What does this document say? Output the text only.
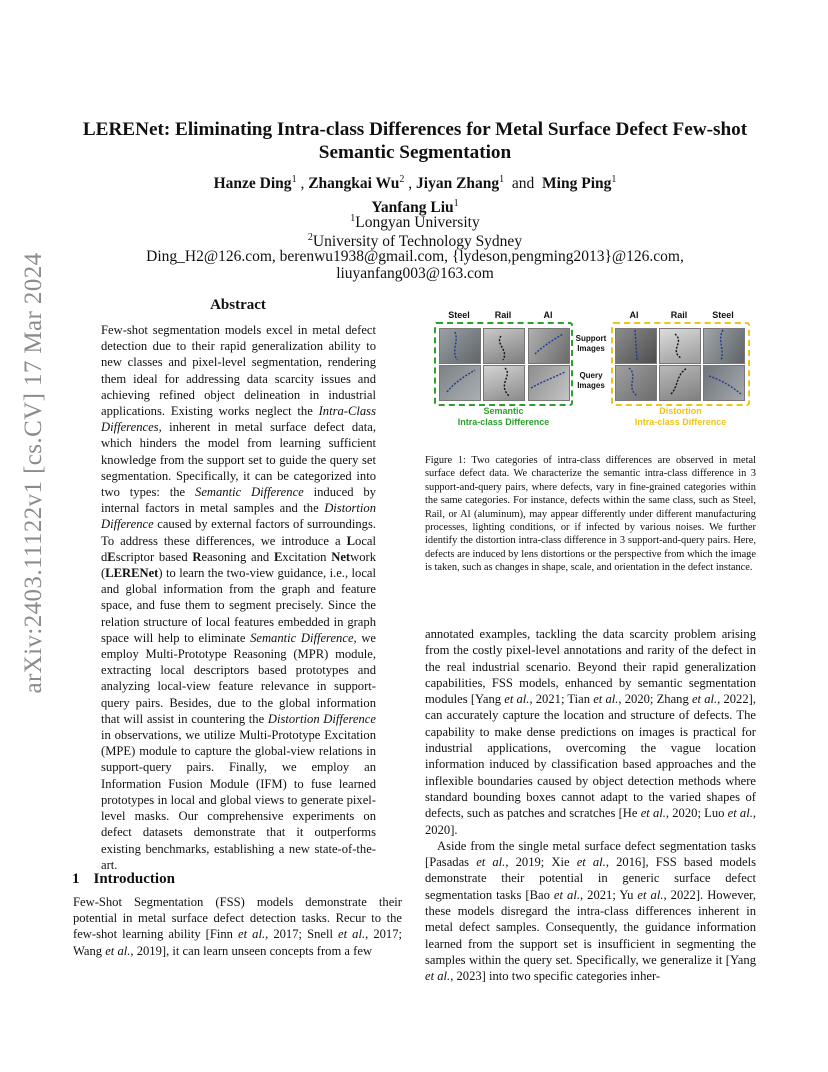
arXiv:2403.11122v1 [cs.CV] 17 Mar 2024
LERENet: Eliminating Intra-class Differences for Metal Surface Defect Few-shot Semantic Segmentation
Hanze Ding$^1$ , Zhangkai Wu$^2$ , Jiyan Zhang$^1$ and Ming Ping$^1$
Yanfang Liu$^1$
$^1$Longyan University
$^2$University of Technology Sydney
Ding_H2@126.com, berenwu1938@gmail.com, {lydeson,pengming2013}@126.com,
liuyanfang003@163.com
Abstract
Few-shot segmentation models excel in metal defect detection due to their rapid generalization ability to new classes and pixel-level segmentation, rendering them ideal for addressing data scarcity issues and achieving refined object delineation in industrial applications. Existing works neglect the Intra-Class Differences, inherent in metal surface defect data, which hinders the model from learning sufficient knowledge from the support set to guide the query set segmentation. Specifically, it can be categorized into two types: the Semantic Difference induced by internal factors in metal samples and the Distortion Difference caused by external factors of surroundings. To address these differences, we introduce a Local dEscriptor based Reasoning and Excitation Network (LERENet) to learn the two-view guidance, i.e., local and global information from the graph and feature space, and fuse them to segment precisely. Since the relation structure of local features embedded in graph space will help to eliminate Semantic Difference, we employ Multi-Prototype Reasoning (MPR) module, extracting local descriptors based prototypes and analyzing local-view feature relevance in support-query pairs. Besides, due to the global information that will assist in countering the Distortion Difference in observations, we utilize Multi-Prototype Excitation (MPE) module to capture the global-view relations in support-query pairs. Finally, we employ an Information Fusion Module (IFM) to fuse learned prototypes in local and global views to generate pixel-level masks. Our comprehensive experiments on defect datasets demonstrate that it outperforms existing benchmarks, establishing a new state-of-the-art.
1 Introduction
Few-Shot Segmentation (FSS) models demonstrate their potential in metal surface defect detection tasks. Recur to the few-shot learning ability [Finn et al., 2017; Snell et al., 2017; Wang et al., 2019], it can learn unseen concepts from a few
Steel	Rail	Al	Al	Rail	Steel
Support Images
Query Images
Semantic
Intra-class Difference
Distortion
Intra-class Difference
Figure 1: Two categories of intra-class differences are observed in metal surface defect data. We characterize the semantic intra-class difference in 3 support-and-query pairs, where defects, vary in fine-grained categories within the same categories. For instance, defects within the same class, such as Steel, Rail, or Al (aluminum), may appear differently under different manufacturing processes, lighting conditions, or if infected by various noises. We further identify the distortion intra-class difference in 3 support-and-query pairs. Here, defects are induced by lens distortions or the perspective from which the image is taken, such as changes in shape, scale, and orientation in the defect instance.

annotated examples, tackling the data scarcity problem arising from the costly pixel-level annotations and rarity of the defect in the real industrial scenario. Beyond their rapid generalization capabilities, FSS models, enhanced by semantic segmentation modules [Yang et al., 2021; Tian et al., 2020; Zhang et al., 2022], can accurately capture the location and structure of defects. The capability to make dense predictions on images is practical for industrial applications, overcoming the vague location information induced by classification based approaches and the inflexible boundaries caused by object detection methods where standard bounding boxes cannot adapt to the varied shapes of defects, such as patches and scratches [He et al., 2020; Luo et al., 2020].

Aside from the single metal surface defect segmentation tasks [Pasadas et al., 2019; Xie et al., 2016], FSS based models demonstrate their potential in generic surface defect segmentation tasks [Bao et al., 2021; Yu et al., 2022]. However, these models disregard the intra-class differences inherent in metal defect samples. Consequently, the guidance information learned from the support set is insufficient in segmenting the samples within the query set. Specifically, we generalize it [Yang et al., 2023] into two specific categories inher-
